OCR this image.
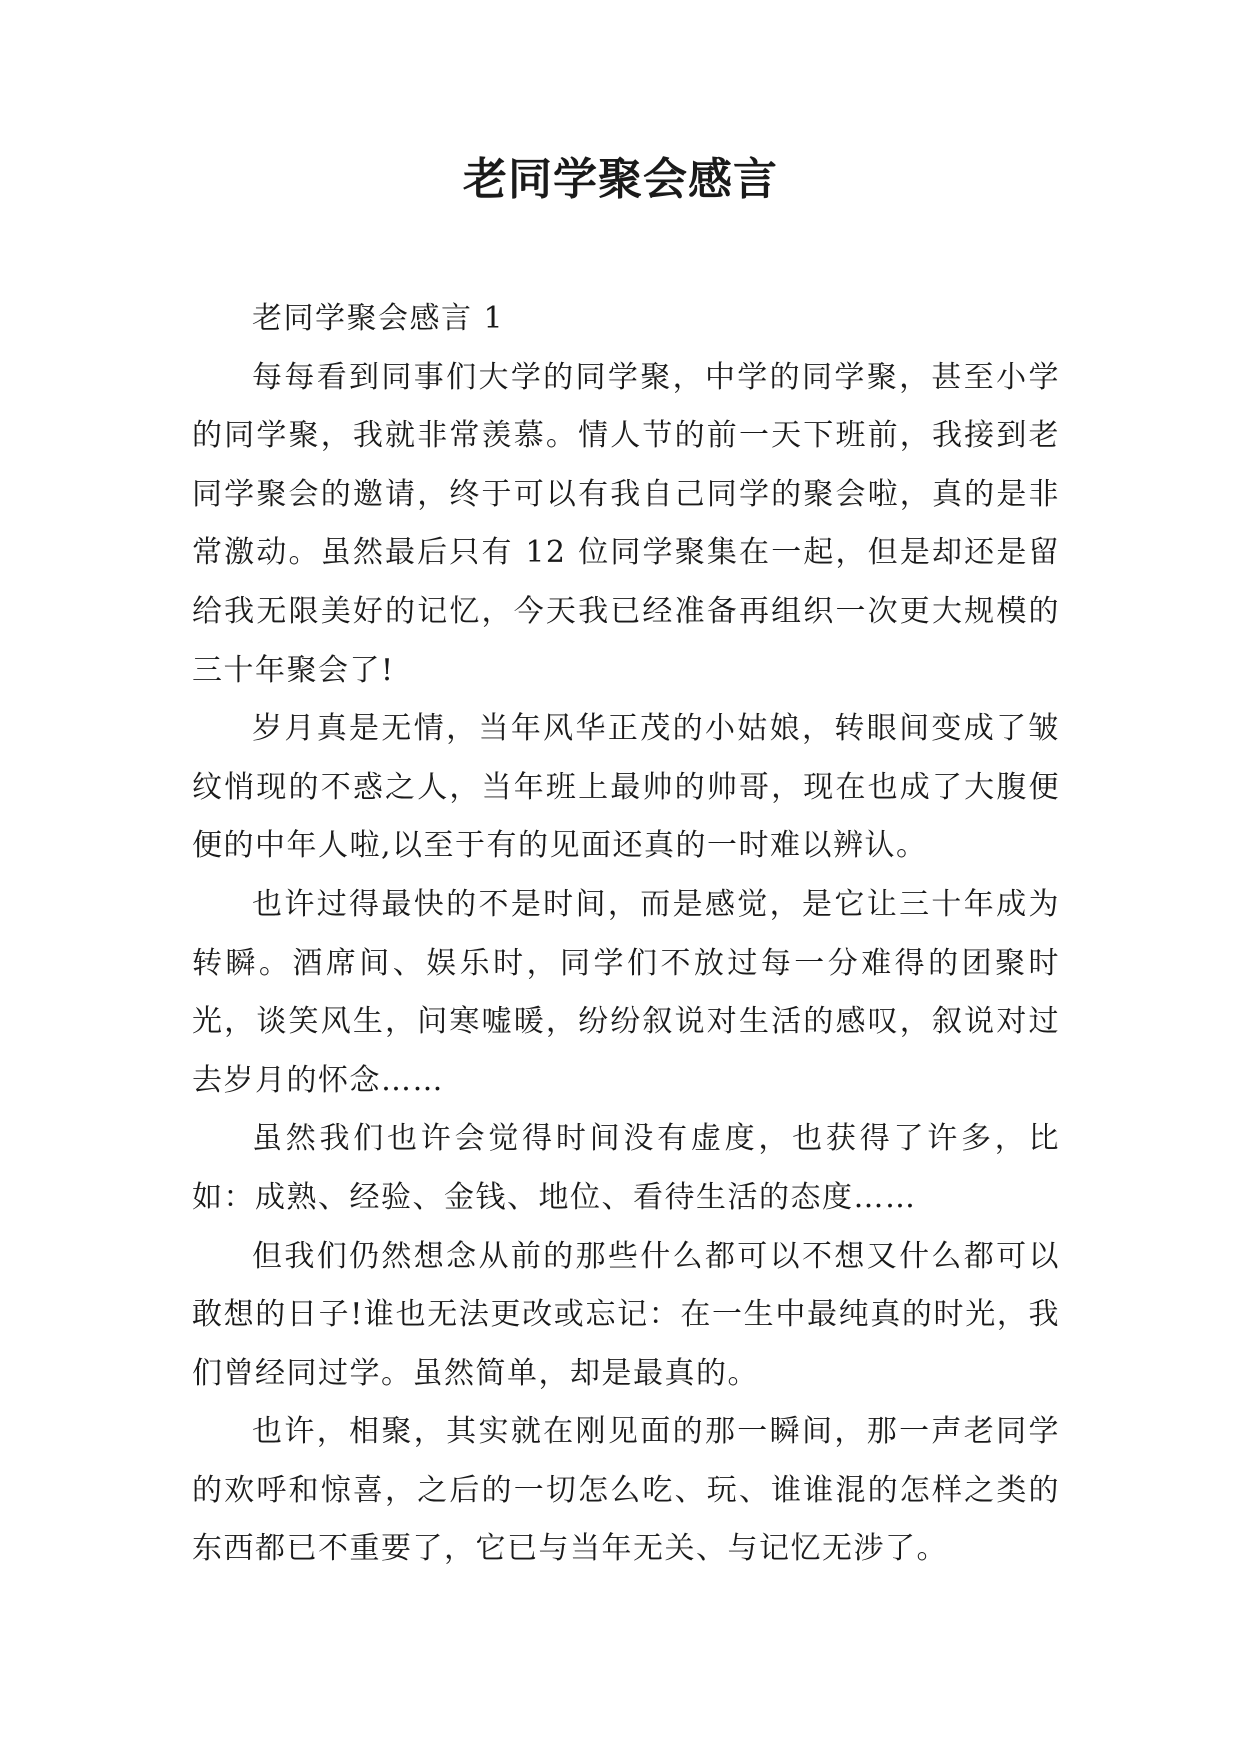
老同学聚会感言

老同学聚会感言 1

每每看到同事们大学的同学聚，中学的同学聚，甚至小学的同学聚，我就非常羡慕。情人节的前一天下班前，我接到老同学聚会的邀请，终于可以有我自己同学的聚会啦，真的是非常激动。虽然最后只有 12 位同学聚集在一起，但是却还是留给我无限美好的记忆，今天我已经准备再组织一次更大规模的三十年聚会了!

岁月真是无情，当年风华正茂的小姑娘，转眼间变成了皱纹悄现的不惑之人，当年班上最帅的帅哥，现在也成了大腹便便的中年人啦,以至于有的见面还真的一时难以辨认。

也许过得最快的不是时间，而是感觉，是它让三十年成为转瞬。酒席间、娱乐时，同学们不放过每一分难得的团聚时光，谈笑风生，问寒嘘暖，纷纷叙说对生活的感叹，叙说对过去岁月的怀念……

虽然我们也许会觉得时间没有虚度，也获得了许多，比如：成熟、经验、金钱、地位、看待生活的态度……

但我们仍然想念从前的那些什么都可以不想又什么都可以敢想的日子!谁也无法更改或忘记：在一生中最纯真的时光，我们曾经同过学。虽然简单，却是最真的。

也许，相聚，其实就在刚见面的那一瞬间，那一声老同学的欢呼和惊喜，之后的一切怎么吃、玩、谁谁混的怎样之类的东西都已不重要了，它已与当年无关、与记忆无涉了。
